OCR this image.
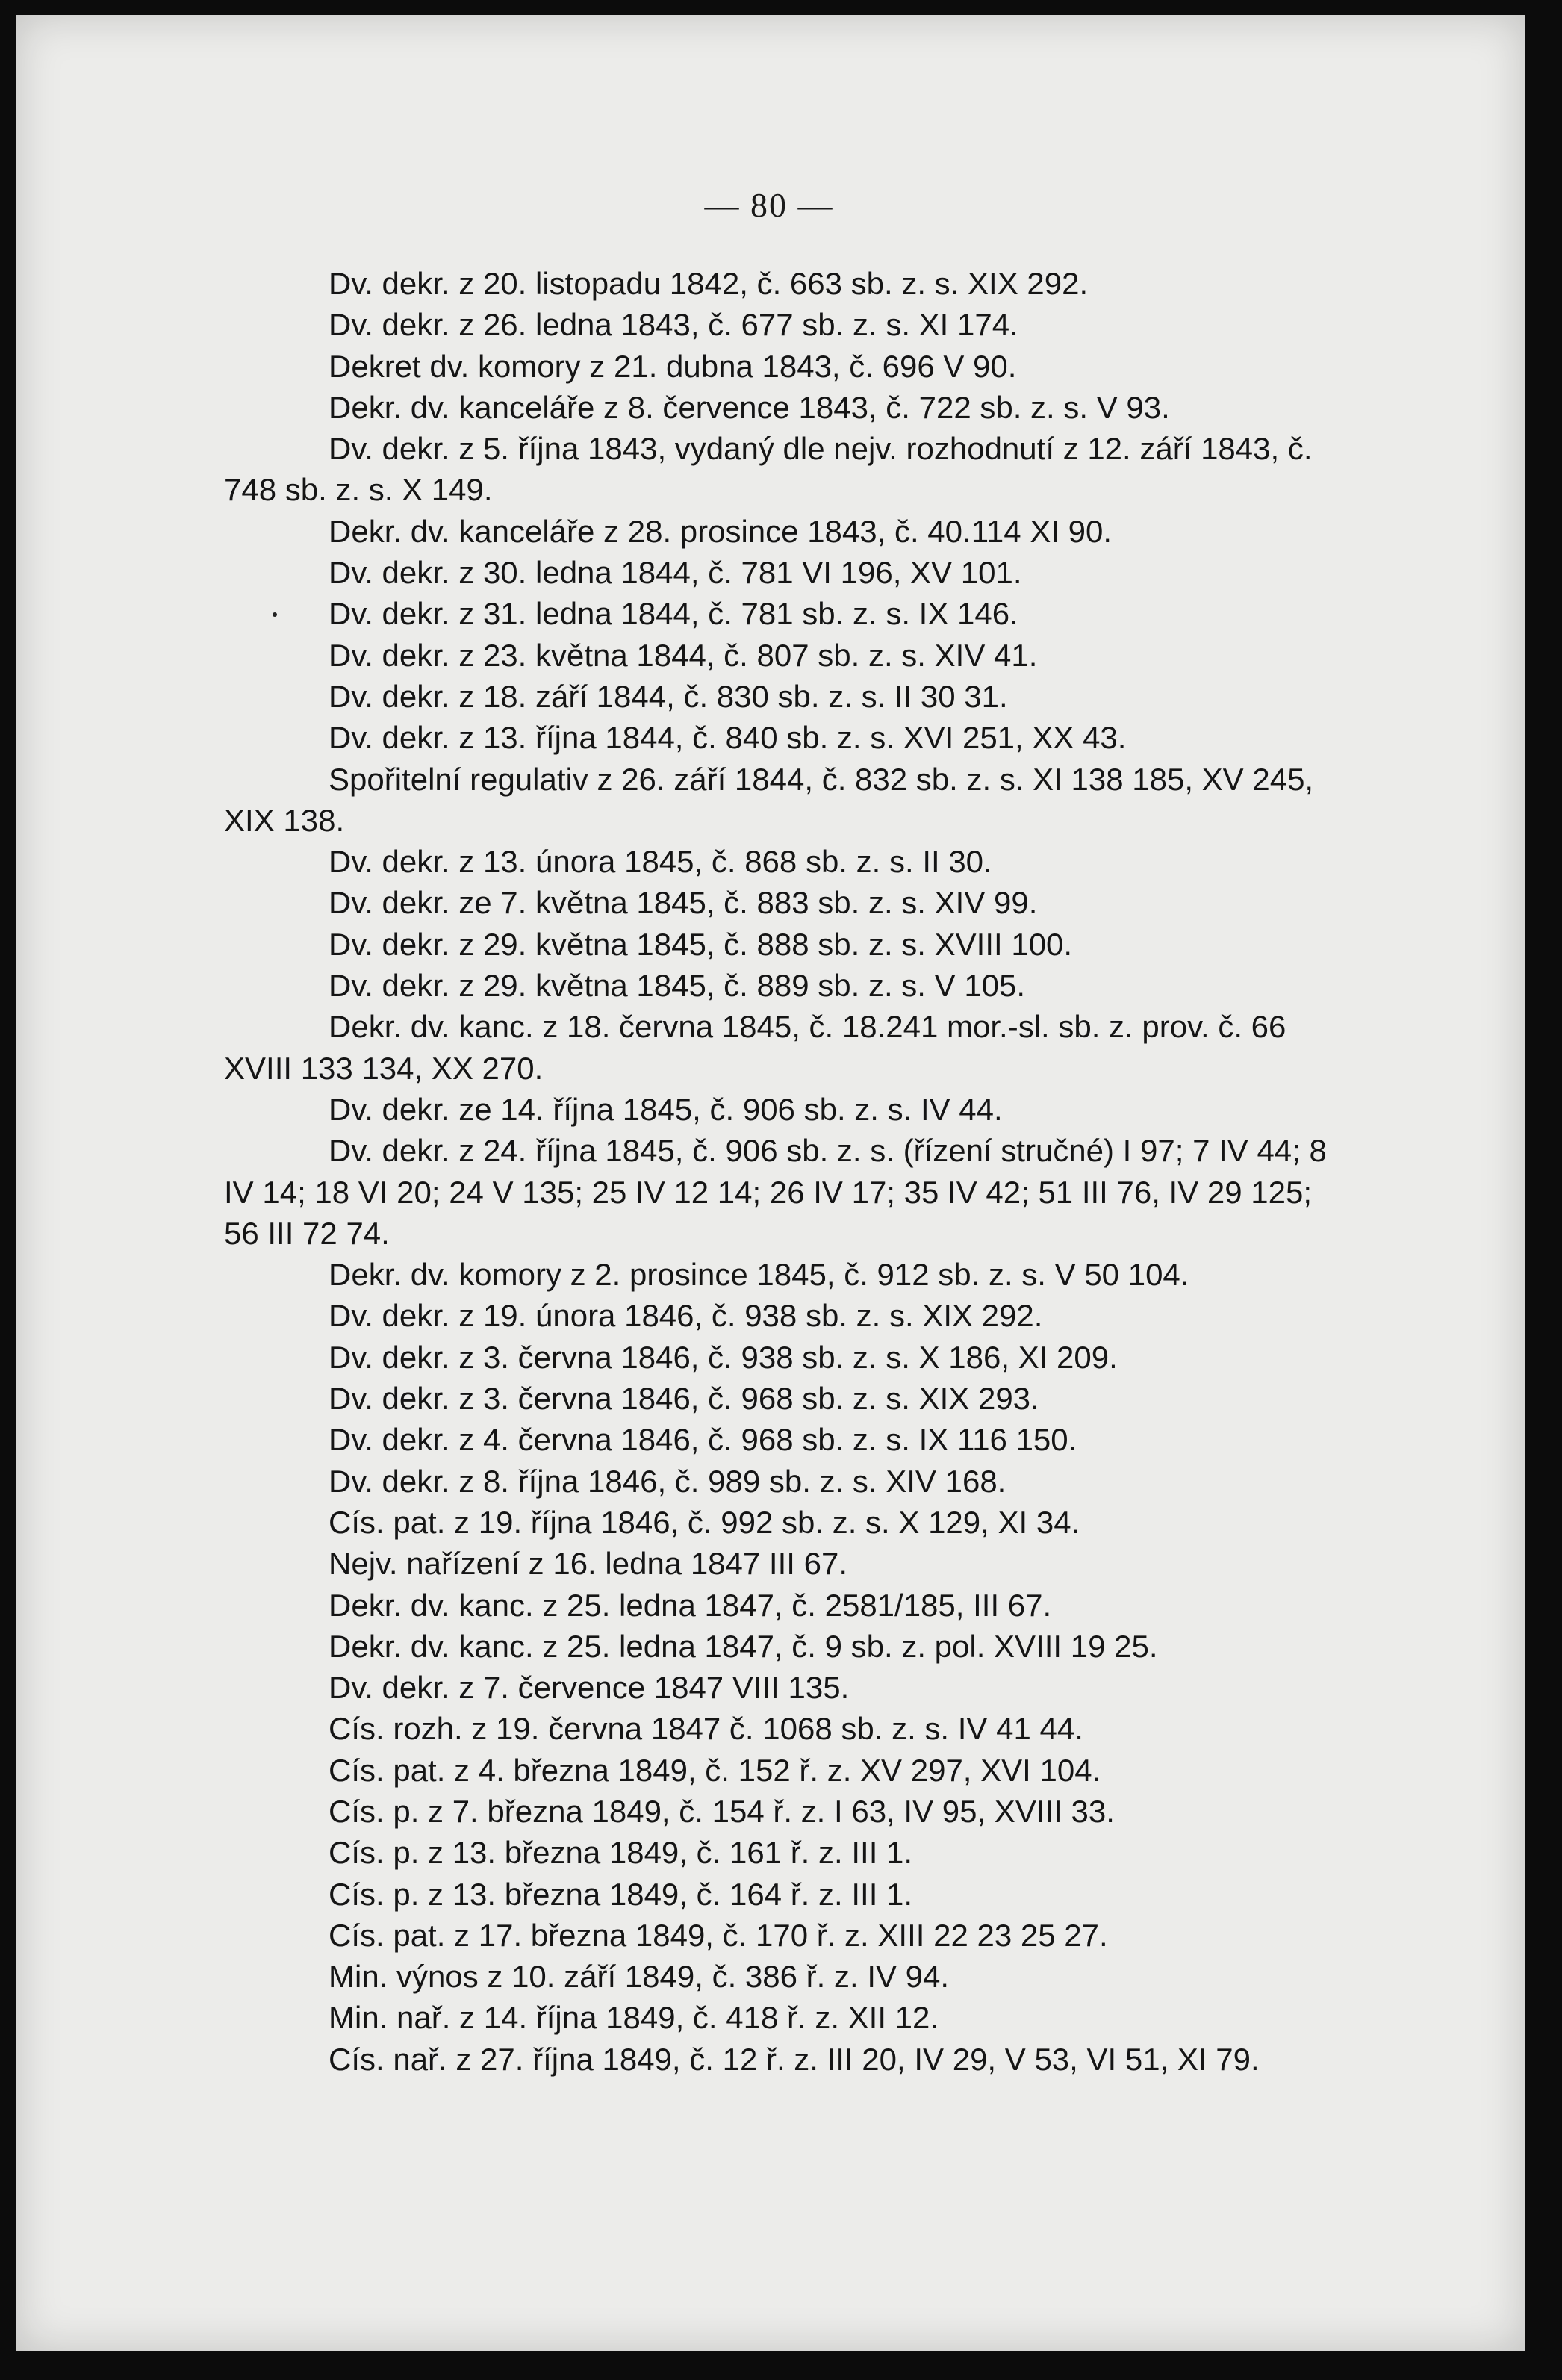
— 80 —
Dv. dekr. z 20. listopadu 1842, č. 663 sb. z. s. XIX 292.
Dv. dekr. z 26. ledna 1843, č. 677 sb. z. s. XI 174.
Dekret dv. komory z 21. dubna 1843, č. 696 V 90.
Dekr. dv. kanceláře z 8. července 1843, č. 722 sb. z. s. V 93.
Dv. dekr. z 5. října 1843, vydaný dle nejv. rozhodnutí z 12. září 1843, č. 748 sb. z. s. X 149.
Dekr. dv. kanceláře z 28. prosince 1843, č. 40.114 XI 90.
Dv. dekr. z 30. ledna 1844, č. 781 VI 196, XV 101.
Dv. dekr. z 31. ledna 1844, č. 781 sb. z. s. IX 146.
Dv. dekr. z 23. května 1844, č. 807 sb. z. s. XIV 41.
Dv. dekr. z 18. září 1844, č. 830 sb. z. s. II 30 31.
Dv. dekr. z 13. října 1844, č. 840 sb. z. s. XVI 251, XX 43.
Spořitelní regulativ z 26. září 1844, č. 832 sb. z. s. XI 138 185, XV 245, XIX 138.
Dv. dekr. z 13. února 1845, č. 868 sb. z. s. II 30.
Dv. dekr. ze 7. května 1845, č. 883 sb. z. s. XIV 99.
Dv. dekr. z 29. května 1845, č. 888 sb. z. s. XVIII 100.
Dv. dekr. z 29. května 1845, č. 889 sb. z. s. V 105.
Dekr. dv. kanc. z 18. června 1845, č. 18.241 mor.-sl. sb. z. prov. č. 66 XVIII 133 134, XX 270.
Dv. dekr. ze 14. října 1845, č. 906 sb. z. s. IV 44.
Dv. dekr. z 24. října 1845, č. 906 sb. z. s. (řízení stručné) I 97; 7 IV 44; 8 IV 14; 18 VI 20; 24 V 135; 25 IV 12 14; 26 IV 17; 35 IV 42; 51 III 76, IV 29 125; 56 III 72 74.
Dekr. dv. komory z 2. prosince 1845, č. 912 sb. z. s. V 50 104.
Dv. dekr. z 19. února 1846, č. 938 sb. z. s. XIX 292.
Dv. dekr. z 3. června 1846, č. 938 sb. z. s. X 186, XI 209.
Dv. dekr. z 3. června 1846, č. 968 sb. z. s. XIX 293.
Dv. dekr. z 4. června 1846, č. 968 sb. z. s. IX 116 150.
Dv. dekr. z 8. října 1846, č. 989 sb. z. s. XIV 168.
Cís. pat. z 19. října 1846, č. 992 sb. z. s. X 129, XI 34.
Nejv. nařízení z 16. ledna 1847 III 67.
Dekr. dv. kanc. z 25. ledna 1847, č. 2581/185, III 67.
Dekr. dv. kanc. z 25. ledna 1847, č. 9 sb. z. pol. XVIII 19 25.
Dv. dekr. z 7. července 1847 VIII 135.
Cís. rozh. z 19. června 1847 č. 1068 sb. z. s. IV 41 44.
Cís. pat. z 4. března 1849, č. 152 ř. z. XV 297, XVI 104.
Cís. p. z 7. března 1849, č. 154 ř. z. I 63, IV 95, XVIII 33.
Cís. p. z 13. března 1849, č. 161 ř. z. III 1.
Cís. p. z 13. března 1849, č. 164 ř. z. III 1.
Cís. pat. z 17. března 1849, č. 170 ř. z. XIII 22 23 25 27.
Min. výnos z 10. září 1849, č. 386 ř. z. IV 94.
Min. nař. z 14. října 1849, č. 418 ř. z. XII 12.
Cís. nař. z 27. října 1849, č. 12 ř. z. III 20, IV 29, V 53, VI 51, XI 79.
